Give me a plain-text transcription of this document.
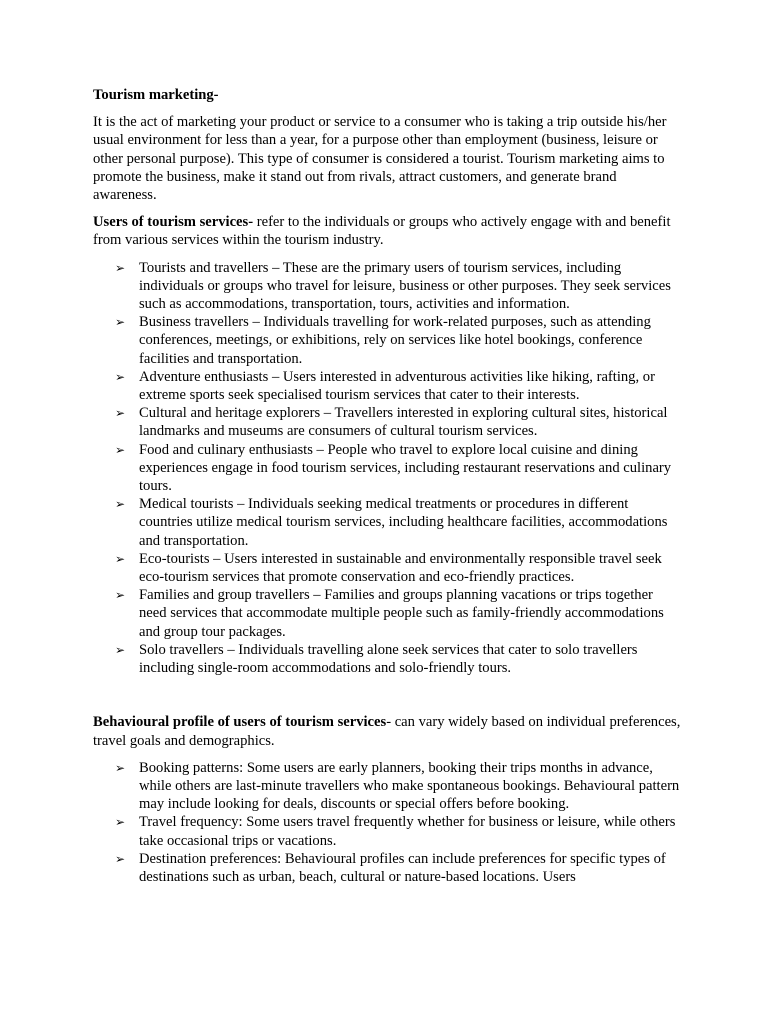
Tourism marketing-

It is the act of marketing your product or service to a consumer who is taking a trip outside his/her usual environment for less than a year, for a purpose other than employment (business, leisure or other personal purpose). This type of consumer is considered a tourist. Tourism marketing aims to promote the business, make it stand out from rivals, attract customers, and generate brand awareness.

Users of tourism services- refer to the individuals or groups who actively engage with and benefit from various services within the tourism industry.

➢ Tourists and travellers – These are the primary users of tourism services, including individuals or groups who travel for leisure, business or other purposes. They seek services such as accommodations, transportation, tours, activities and information.
➢ Business travellers – Individuals travelling for work-related purposes, such as attending conferences, meetings, or exhibitions, rely on services like hotel bookings, conference facilities and transportation.
➢ Adventure enthusiasts – Users interested in adventurous activities like hiking, rafting, or extreme sports seek specialised tourism services that cater to their interests.
➢ Cultural and heritage explorers – Travellers interested in exploring cultural sites, historical landmarks and museums are consumers of cultural tourism services.
➢ Food and culinary enthusiasts – People who travel to explore local cuisine and dining experiences engage in food tourism services, including restaurant reservations and culinary tours.
➢ Medical tourists – Individuals seeking medical treatments or procedures in different countries utilize medical tourism services, including healthcare facilities, accommodations and transportation.
➢ Eco-tourists – Users interested in sustainable and environmentally responsible travel seek eco-tourism services that promote conservation and eco-friendly practices.
➢ Families and group travellers – Families and groups planning vacations or trips together need services that accommodate multiple people such as family-friendly accommodations and group tour packages.
➢ Solo travellers – Individuals travelling alone seek services that cater to solo travellers including single-room accommodations and solo-friendly tours.

Behavioural profile of users of tourism services- can vary widely based on individual preferences, travel goals and demographics.

➢ Booking patterns: Some users are early planners, booking their trips months in advance, while others are last-minute travellers who make spontaneous bookings. Behavioural pattern may include looking for deals, discounts or special offers before booking.
➢ Travel frequency: Some users travel frequently whether for business or leisure, while others take occasional trips or vacations.
➢ Destination preferences: Behavioural profiles can include preferences for specific types of destinations such as urban, beach, cultural or nature-based locations. Users
